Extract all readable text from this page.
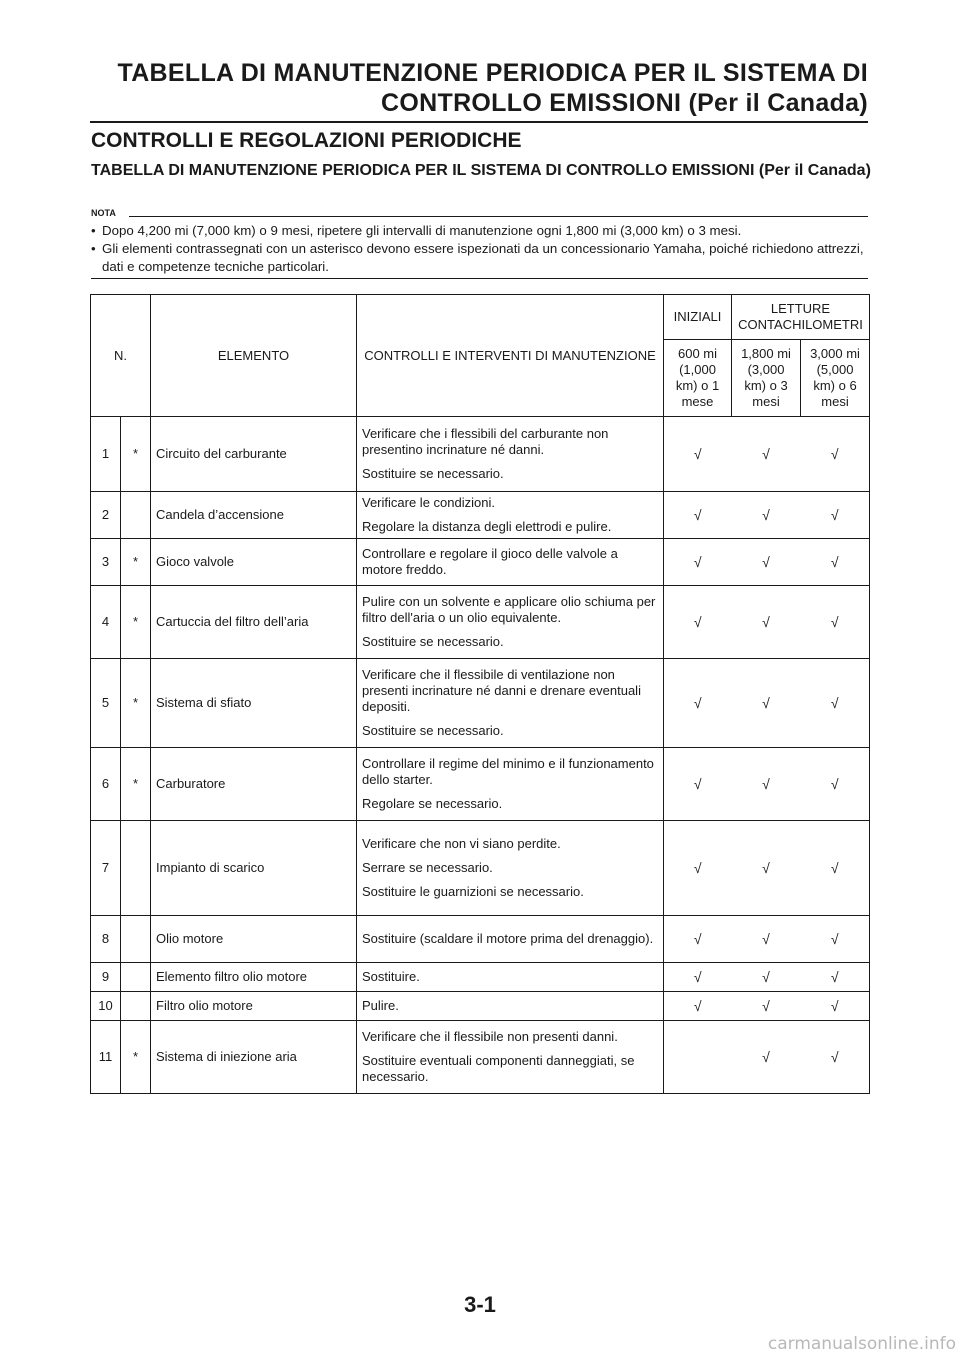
TABELLA DI MANUTENZIONE PERIODICA PER IL SISTEMA DI
CONTROLLO EMISSIONI (Per il Canada)
CONTROLLI E REGOLAZIONI PERIODICHE
TABELLA DI MANUTENZIONE PERIODICA PER IL SISTEMA DI CONTROLLO EMISSIONI (Per il Canada)
NOTA
• Dopo 4,200 mi (7,000 km) o 9 mesi, ripetere gli intervalli di manutenzione ogni 1,800 mi (3,000 km) o 3 mesi.
• Gli elementi contrassegnati con un asterisco devono essere ispezionati da un concessionario Yamaha, poiché richiedono attrezzi, dati e competenze tecniche particolari.
N.		ELEMENTO	CONTROLLI E INTERVENTI DI MANUTENZIONE	INIZIALI	LETTURE CONTACHILOMETRI	
				600 mi (1,000 km) o 1 mese	1,800 mi (3,000 km) o 3 mesi	3,000 mi (5,000 km) o 6 mesi
1	*	Circuito del carburante	Verificare che i flessibili del carburante non presentino incrinature né danni.

Sostituire se necessario.	√	√	√
2		Candela d’accensione	Verificare le condizioni.

Regolare la distanza degli elettrodi e pulire.	√	√	√
3	*	Gioco valvole	Controllare e regolare il gioco delle valvole a motore freddo.	√	√	√
4	*	Cartuccia del filtro dell’aria	Pulire con un solvente e applicare olio schiuma per filtro dell'aria o un olio equivalente.

Sostituire se necessario.	√	√	√
5	*	Sistema di sfiato	Verificare che il flessibile di ventilazione non presenti incrinature né danni e drenare eventuali depositi.

Sostituire se necessario.	√	√	√
6	*	Carburatore	Controllare il regime del minimo e il funzionamento dello starter.

Regolare se necessario.	√	√	√
7		Impianto di scarico	Verificare che non vi siano perdite.

Serrare se necessario.

Sostituire le guarnizioni se necessario.	√	√	√
8		Olio motore	Sostituire (scaldare il motore prima del drenaggio).	√	√	√
9		Elemento filtro olio motore	Sostituire.	√	√	√
10		Filtro olio motore	Pulire.	√	√	√
11	*	Sistema di iniezione aria	Verificare che il flessibile non presenti danni.

Sostituire eventuali componenti danneggiati, se necessario.		√	√
3-1
carmanualsonline.info
